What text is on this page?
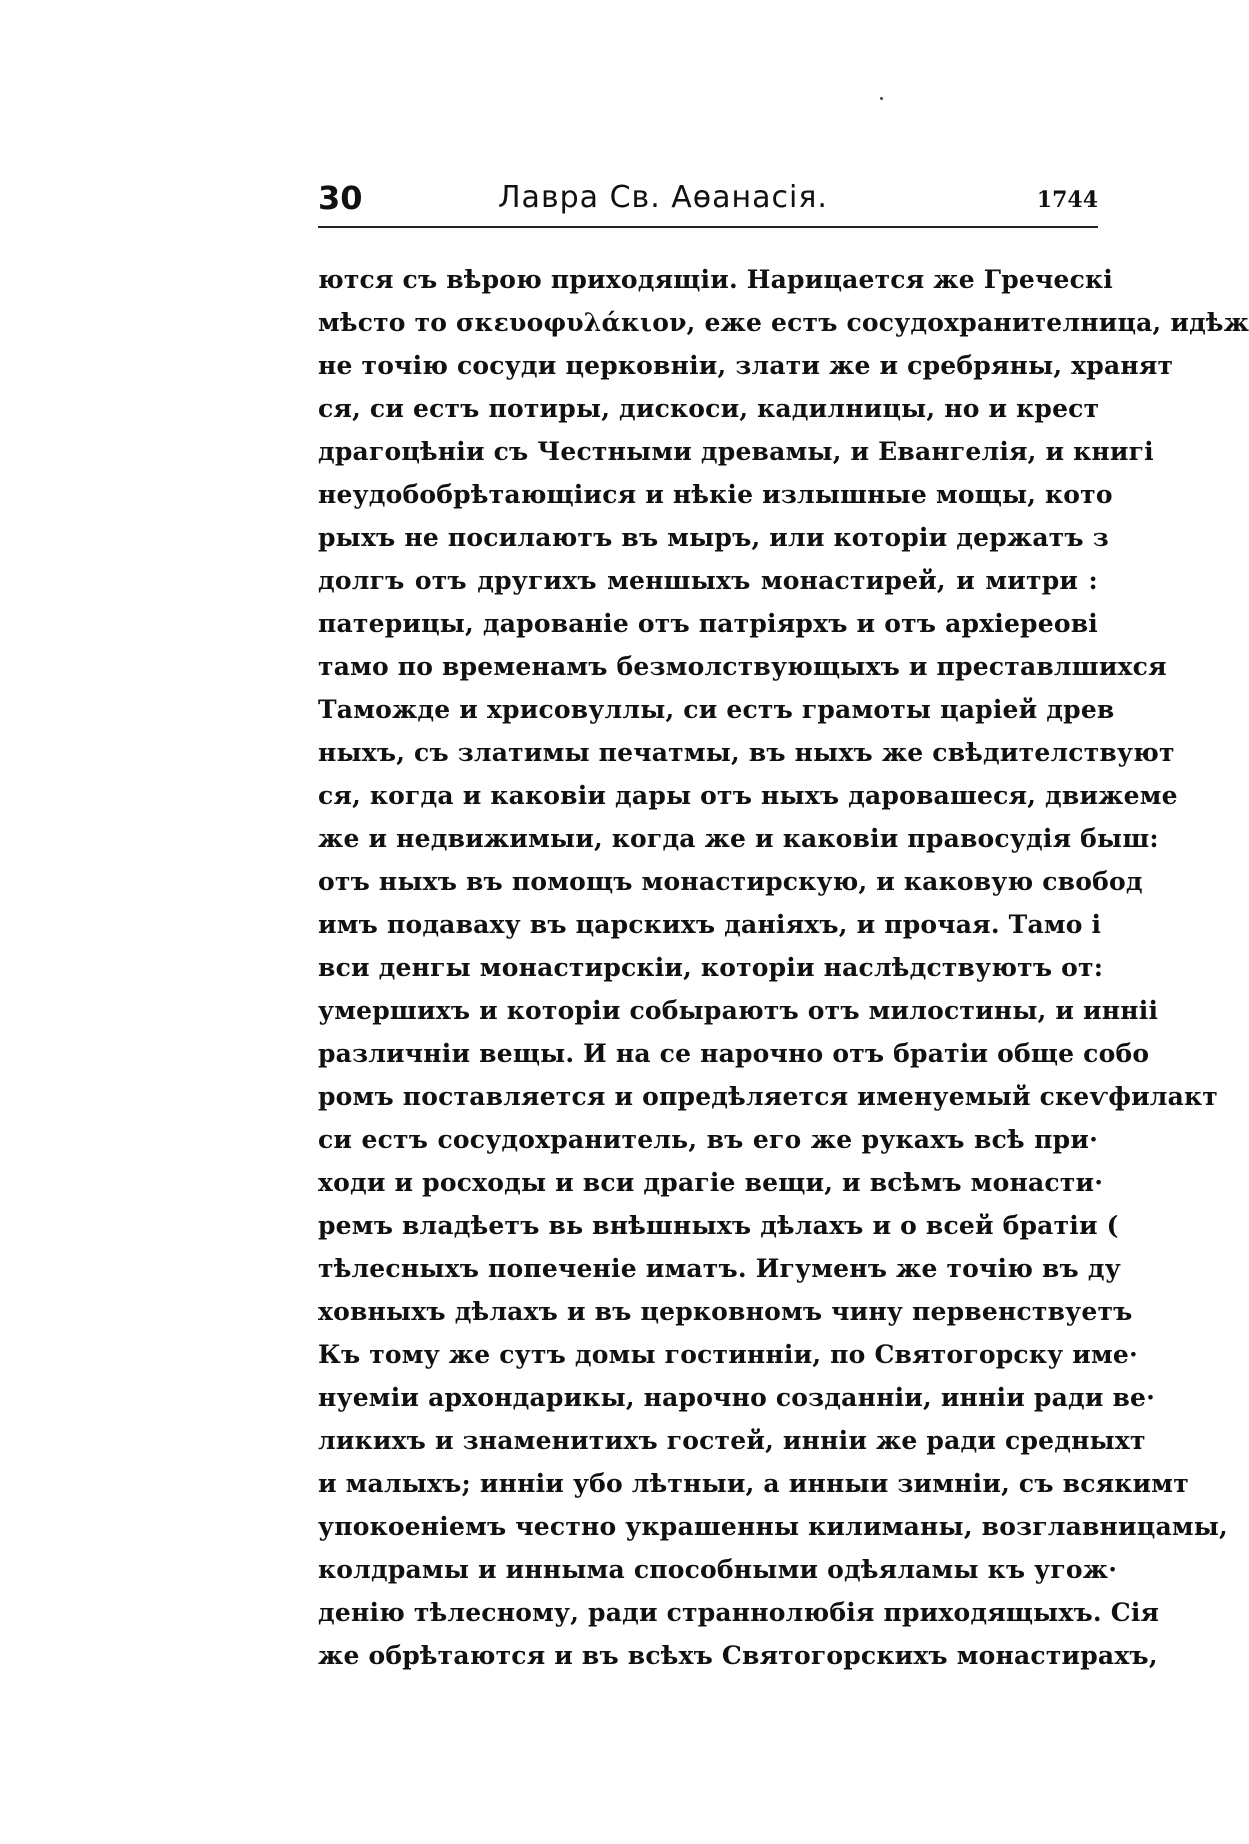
30	Лавра Св. Аѳанасія.	1744
ются съ вѣрою приходящіи. Нарицается же Греческі
мѣсто то σκευοφυλάκιον, еже естъ сосудохранителница, идѣж
не точію сосуди церковніи, злати же и сребряны, хранят
ся, си естъ потиры, дискоси, кадилницы, но и крест
драгоцѣніи съ Честными древамы, и Евангелія, и книгі
неудобобрѣтающіися и нѣкіе излышные мощы, кото
рыхъ не посилаютъ въ мыръ, или которіи держатъ з
долгъ отъ другихъ меншыхъ монастирей, и митри :
патерицы, дарованіе отъ патріярхъ и отъ архіереові
тамо по временамъ безмолствующыхъ и преставлшихся
Таможде и хрисовуллы, си естъ грамоты царіей древ
ныхъ, съ златимы печатмы, въ ныхъ же свѣдителствуют
ся, когда и каковіи дары отъ ныхъ даровашеся, движеме
же и недвижимыи, когда же и каковіи правосудія быш:
отъ ныхъ въ помощъ монастирскую, и каковую свобод
имъ подаваху въ царскихъ даніяхъ, и прочая. Тамо і
вси денгы монастирскіи, которіи наслѣдствуютъ от:
умершихъ и которіи собыраютъ отъ милостины, и инніі
различніи вещы. И на се нарочно отъ братіи обще собо
ромъ поставляется и опредѣляется именуемый скеѵфилакт
си естъ сосудохранитель, въ его же рукахъ всѣ при·
ходи и росходы и вси драгіе вещи, и всѣмъ монасти·
ремъ владѣетъ вь внѣшныхъ дѣлахъ и о всей братіи (
тѣлесныхъ попеченіе иматъ. Игуменъ же точію въ ду
ховныхъ дѣлахъ и въ церковномъ чину первенствуетъ
Къ тому же сутъ домы гостинніи, по Святогорску име·
нуеміи архондарикы, нарочно созданніи, инніи ради ве·
ликихъ и знаменитихъ гостей, инніи же ради средныхт
и малыхъ; инніи убо лѣтныи, а инныи зимніи, съ всякимт
упокоеніемъ честно украшенны килиманы, возглавницамы,
колдрамы и инныма способными одѣяламы къ угож·
денію тѣлесному, ради страннолюбія приходящыхъ. Сія
же обрѣтаются и въ всѣхъ Святогорскихъ монастирахъ,
